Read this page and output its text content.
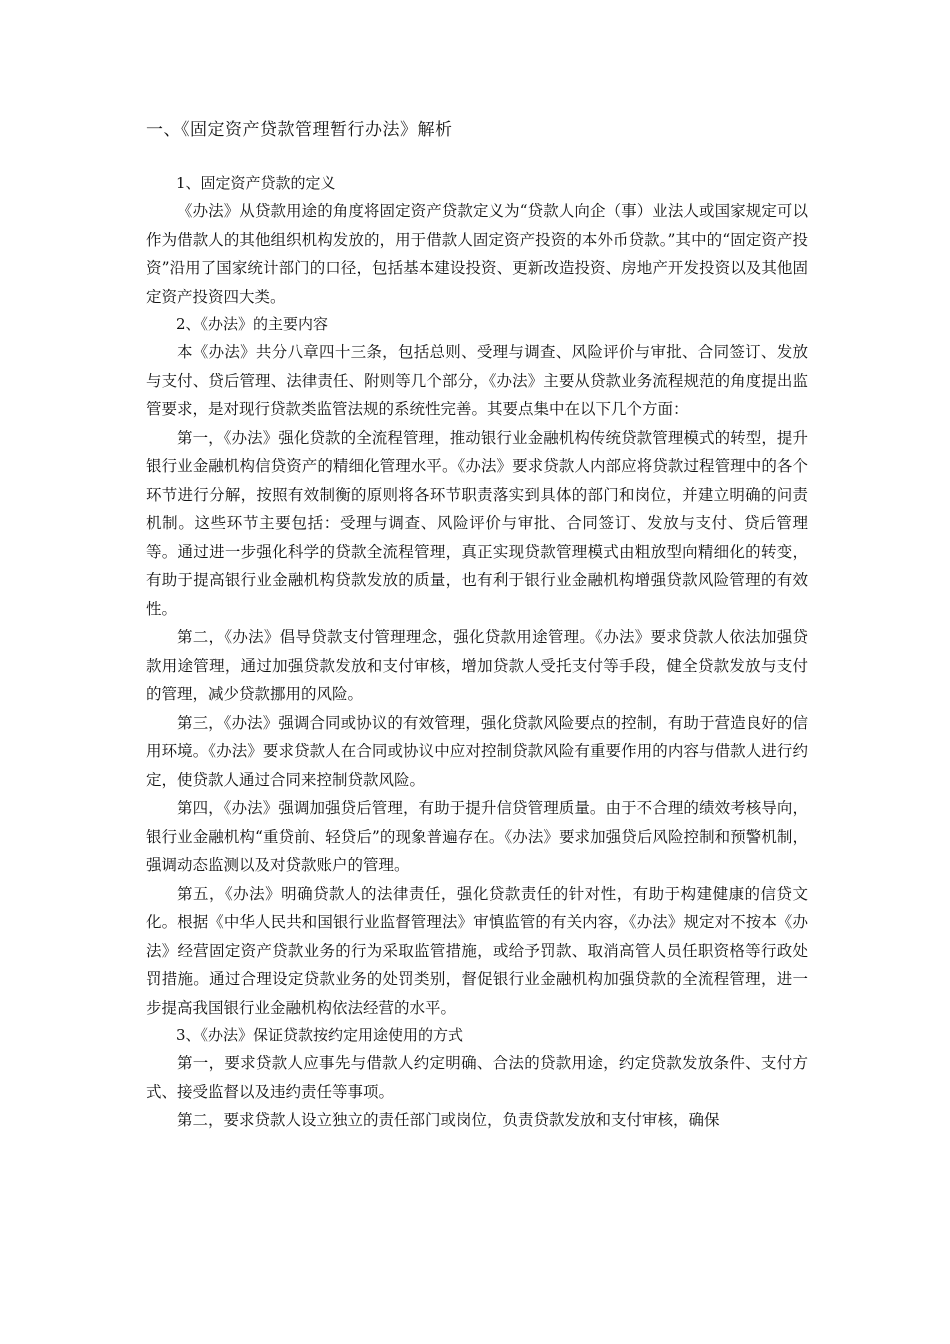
一、《固定资产贷款管理暂行办法》解析

1、固定资产贷款的定义

《办法》从贷款用途的角度将固定资产贷款定义为“贷款人向企（事）业法人或国家规定可以作为借款人的其他组织机构发放的，用于借款人固定资产投资的本外币贷款。”其中的“固定资产投资”沿用了国家统计部门的口径，包括基本建设投资、更新改造投资、房地产开发投资以及其他固定资产投资四大类。

2、《办法》的主要内容

本《办法》共分八章四十三条，包括总则、受理与调查、风险评价与审批、合同签订、发放与支付、贷后管理、法律责任、附则等几个部分，《办法》主要从贷款业务流程规范的角度提出监管要求，是对现行贷款类监管法规的系统性完善。其要点集中在以下几个方面：

第一，《办法》强化贷款的全流程管理，推动银行业金融机构传统贷款管理模式的转型，提升银行业金融机构信贷资产的精细化管理水平。《办法》要求贷款人内部应将贷款过程管理中的各个环节进行分解，按照有效制衡的原则将各环节职责落实到具体的部门和岗位，并建立明确的问责机制。这些环节主要包括：受理与调查、风险评价与审批、合同签订、发放与支付、贷后管理等。通过进一步强化科学的贷款全流程管理，真正实现贷款管理模式由粗放型向精细化的转变，有助于提高银行业金融机构贷款发放的质量，也有利于银行业金融机构增强贷款风险管理的有效性。

第二，《办法》倡导贷款支付管理理念，强化贷款用途管理。《办法》要求贷款人依法加强贷款用途管理，通过加强贷款发放和支付审核，增加贷款人受托支付等手段，健全贷款发放与支付的管理，减少贷款挪用的风险。

第三，《办法》强调合同或协议的有效管理，强化贷款风险要点的控制，有助于营造良好的信用环境。《办法》要求贷款人在合同或协议中应对控制贷款风险有重要作用的内容与借款人进行约定，使贷款人通过合同来控制贷款风险。

第四，《办法》强调加强贷后管理，有助于提升信贷管理质量。由于不合理的绩效考核导向，银行业金融机构“重贷前、轻贷后”的现象普遍存在。《办法》要求加强贷后风险控制和预警机制，强调动态监测以及对贷款账户的管理。

第五，《办法》明确贷款人的法律责任，强化贷款责任的针对性，有助于构建健康的信贷文化。根据《中华人民共和国银行业监督管理法》审慎监管的有关内容，《办法》规定对不按本《办法》经营固定资产贷款业务的行为采取监管措施，或给予罚款、取消高管人员任职资格等行政处罚措施。通过合理设定贷款业务的处罚类别，督促银行业金融机构加强贷款的全流程管理，进一步提高我国银行业金融机构依法经营的水平。

3、《办法》保证贷款按约定用途使用的方式

第一，要求贷款人应事先与借款人约定明确、合法的贷款用途，约定贷款发放条件、支付方式、接受监督以及违约责任等事项。

第二，要求贷款人设立独立的责任部门或岗位，负责贷款发放和支付审核，确保
